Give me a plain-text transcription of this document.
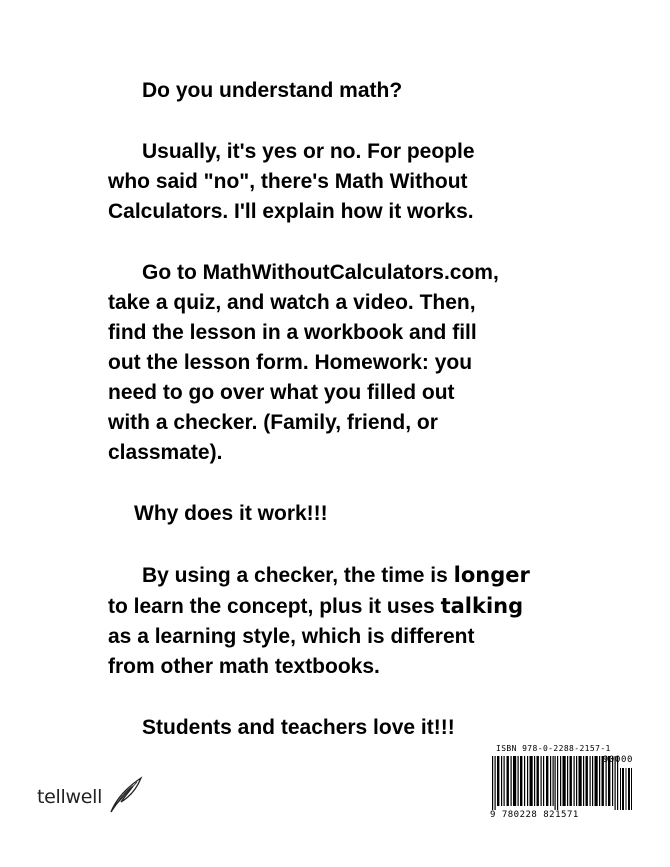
Do you understand math?

Usually, it's yes or no. For people
who said "no", there's Math Without
Calculators. I'll explain how it works.

Go to MathWithoutCalculators.com,
take a quiz, and watch a video. Then,
find the lesson in a workbook and fill
out the lesson form. Homework: you
need to go over what you filled out
with a checker. (Family, friend, or
classmate).

Why does it work!!!

By using a checker, the time is longer
to learn the concept, plus it uses talking
as a learning style, which is different
from other math textbooks.

Students and teachers love it!!!

tellwell
ISBN 978-0-2288-2157-1
90000
9 780228 821571
